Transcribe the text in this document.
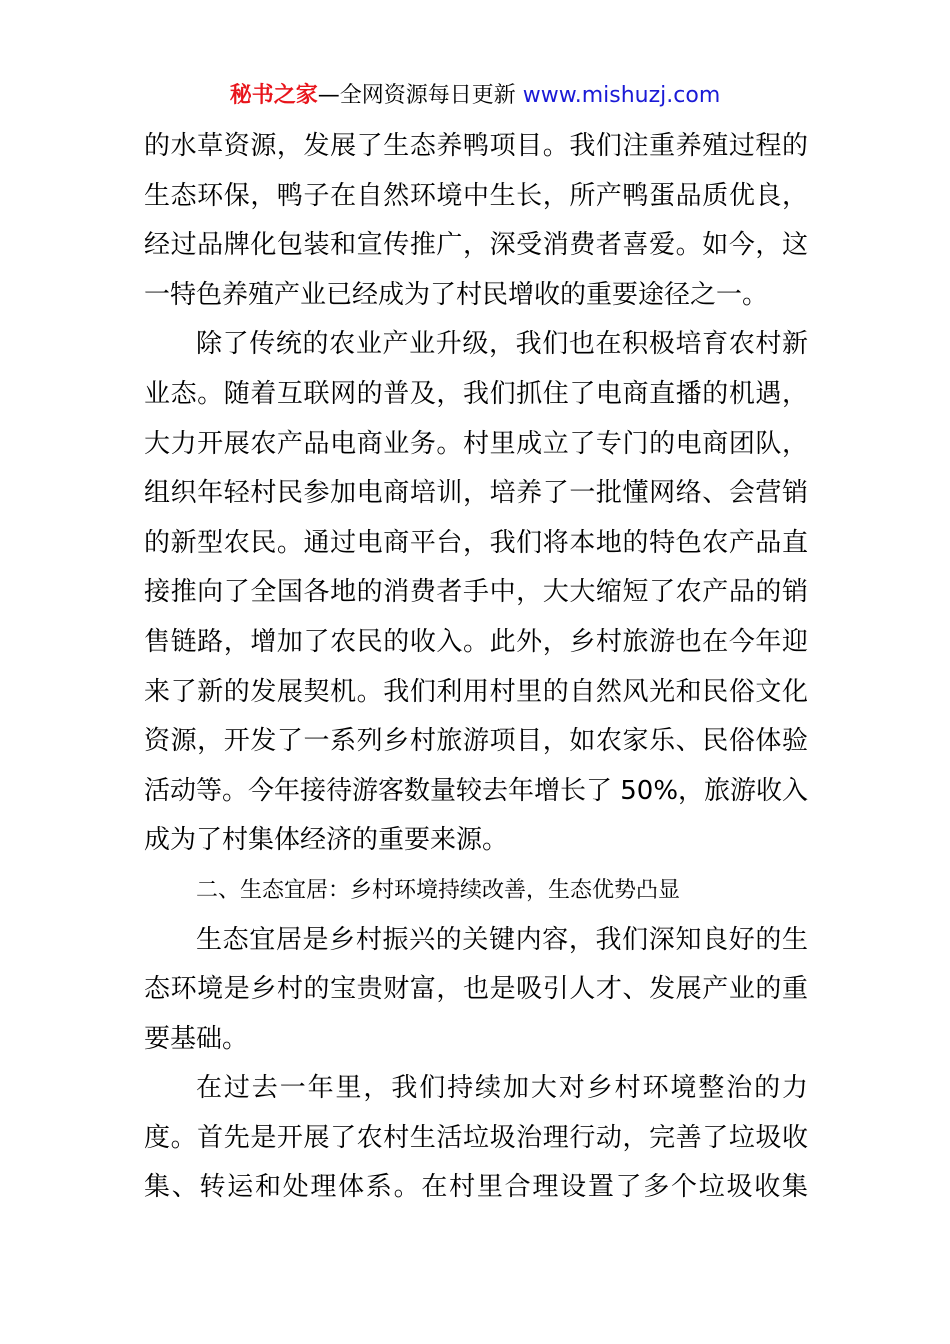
秘书之家—全网资源每日更新 www.mishuzj.com
的水草资源，发展了生态养鸭项目。我们注重养殖过程的
生态环保，鸭子在自然环境中生长，所产鸭蛋品质优良，
经过品牌化包装和宣传推广，深受消费者喜爱。如今，这
一特色养殖产业已经成为了村民增收的重要途径之一。
除了传统的农业产业升级，我们也在积极培育农村新
业态。随着互联网的普及，我们抓住了电商直播的机遇，
大力开展农产品电商业务。村里成立了专门的电商团队，
组织年轻村民参加电商培训，培养了一批懂网络、会营销
的新型农民。通过电商平台，我们将本地的特色农产品直
接推向了全国各地的消费者手中，大大缩短了农产品的销
售链路，增加了农民的收入。此外，乡村旅游也在今年迎
来了新的发展契机。我们利用村里的自然风光和民俗文化
资源，开发了一系列乡村旅游项目，如农家乐、民俗体验
活动等。今年接待游客数量较去年增长了 50%，旅游收入
成为了村集体经济的重要来源。
二、生态宜居：乡村环境持续改善，生态优势凸显
生态宜居是乡村振兴的关键内容，我们深知良好的生
态环境是乡村的宝贵财富，也是吸引人才、发展产业的重
要基础。
在过去一年里，我们持续加大对乡村环境整治的力
度。首先是开展了农村生活垃圾治理行动，完善了垃圾收
集、转运和处理体系。在村里合理设置了多个垃圾收集
